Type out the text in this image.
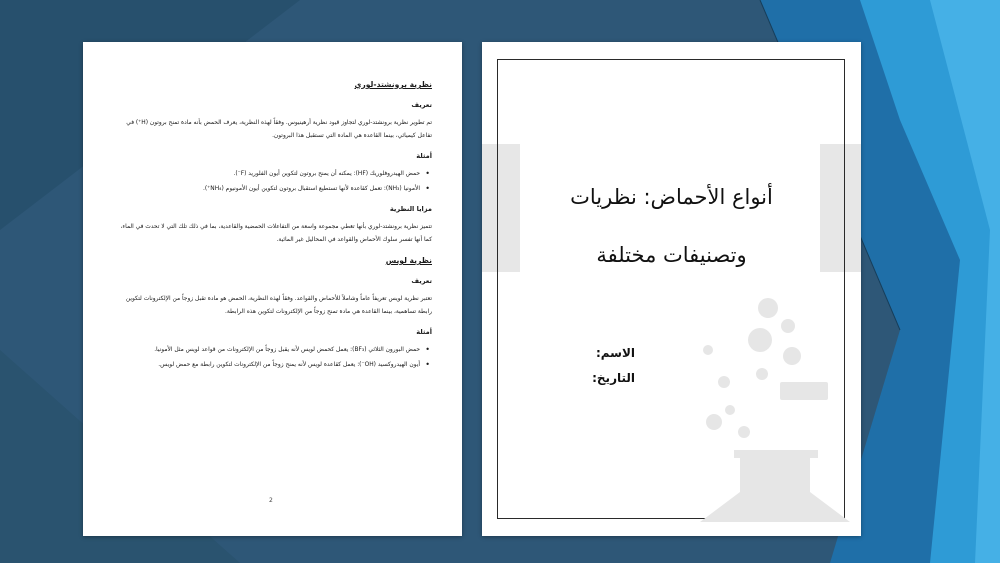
نظرية برونشتد-لوري
تعريف

تم تطوير نظرية برونشتد-لوري لتجاوز قيود نظرية أرهينيوس. وفقاً لهذه النظرية، يعرف الحمض بأنه مادة تمنح بروتون (H⁺) في تفاعل كيميائي، بينما القاعدة هي المادة التي تستقبل هذا البروتون.

أمثلة
• حمض الهيدروفلوريك (HF): يمكنه أن يمنح بروتون لتكوين أيون الفلوريد (F⁻).
• الأمونيا (NH₃): تعمل كقاعدة لأنها تستطيع استقبال بروتون لتكوين أيون الأمونيوم (NH₄⁺).
مزايا النظرية

تتميز نظرية برونشتد-لوري بأنها تغطي مجموعة واسعة من التفاعلات الحمضية والقاعدية، بما في ذلك تلك التي لا تحدث في الماء، كما أنها تفسر سلوك الأحماض والقواعد في المحاليل غير المائية.

نظرية لويس
تعريف

تعتبر نظرية لويس تعريفاً عاماً وشاملاً للأحماض والقواعد. وفقاً لهذه النظرية، الحمض هو مادة تقبل زوجاً من الإلكترونات لتكوين رابطة تساهمية، بينما القاعدة هي مادة تمنح زوجاً من الإلكترونات لتكوين هذه الرابطة.

أمثلة
• حمض البورون الثلاثي (BF₃): يعمل كحمض لويس لأنه يقبل زوجاً من الإلكترونات من قواعد لويس مثل الأمونيا.
• أيون الهيدروكسيد (OH⁻): يعمل كقاعدة لويس لأنه يمنح زوجاً من الإلكترونات لتكوين رابطة مع حمض لويس.
2
أنواع الأحماض: نظريات
وتصنيفات مختلفة
الاسم:
التاريخ:
